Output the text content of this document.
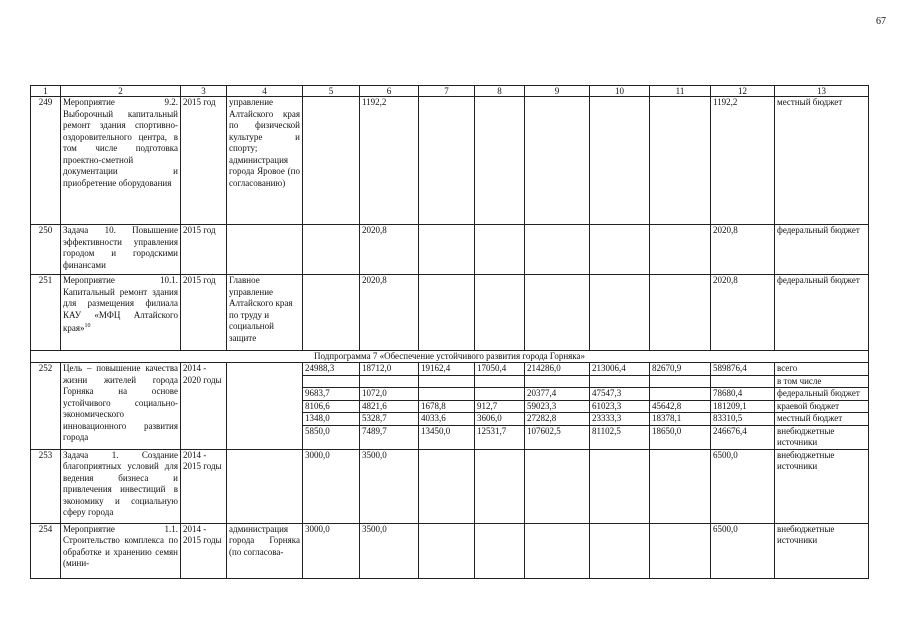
67
1	2	3	4	5	6	7	8	9	10	11	12	13
249	Мероприятие 9.2. Выборочный капитальный ремонт здания спортивно-оздоровительного центра, в том числе подготовка проектно-сметной документации и приобретение оборудования	2015 год	управление Алтайского края по физической культуре и спорту; администрация города Яровое (по согласованию)		1192,2						1192,2	местный бюджет
250	Задача 10. Повышение эффективности управления городом и городскими финансами	2015 год			2020,8						2020,8	федеральный бюджет
251	Мероприятие 10.1. Капитальный ремонт здания для размещения филиала КАУ «МФЦ Алтайского края»$^{10}$	2015 год	Главное управление Алтайского края по труду и социальной защите		2020,8						2020,8	федеральный бюджет
Подпрограмма 7 «Обеспечение устойчивого развития города Горняка»												
252	Цель – повышение качества жизни жителей города Горняка на основе устойчивого социально-экономического инновационного развития города	2014 - 2020 годы		24988,3	18712,0	19162,4	17050,4	214286,0	213006,4	82670,9	589876,4	всего
												в том числе
				9683,7	1072,0			20377,4	47547,3		78680,4	федеральный бюджет
				8106,6	4821,6	1678,8	912,7	59023,3	61023,3	45642,8	181209,1	краевой бюджет
				1348,0	5328,7	4033,6	3606,0	27282,8	23333,3	18378,1	83310,5	местный бюджет
				5850,0	7489,7	13450,0	12531,7	107602,5	81102,5	18650,0	246676,4	внебюджетные источники
253	Задача 1. Создание благоприятных условий для ведения бизнеса и привлечения инвестиций в экономику и социальную сферу города	2014 - 2015 годы		3000,0	3500,0						6500,0	внебюджетные источники
254	Мероприятие 1.1. Строительство комплекса по обработке и хранению семян (мини-	2014 - 2015 годы	администрация города Горняка (по согласова-	3000,0	3500,0						6500,0	внебюджетные источники
